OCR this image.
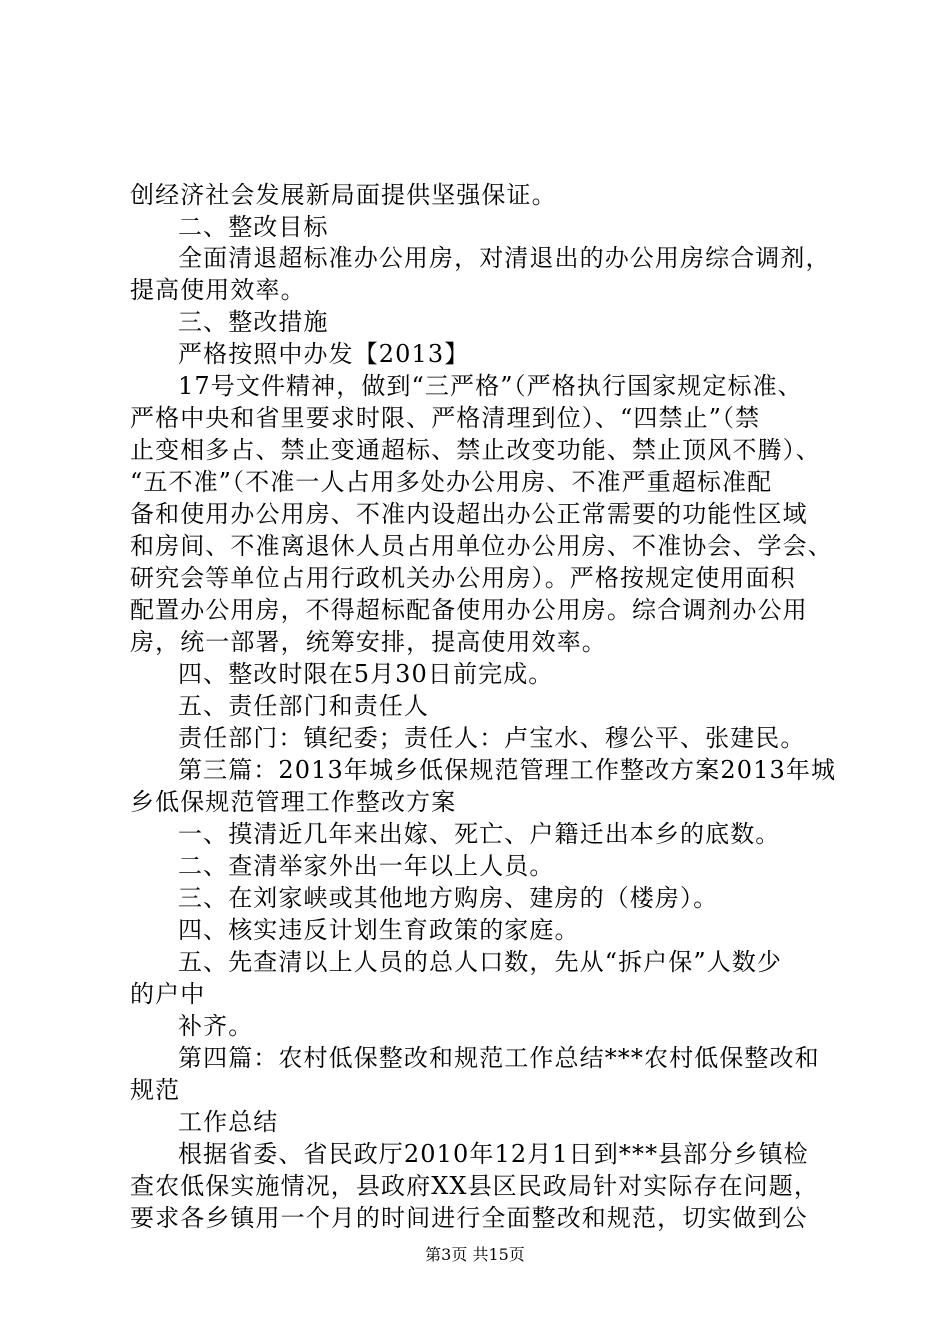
创经济社会发展新局面提供坚强保证。
二、整改目标
全面清退超标准办公用房，对清退出的办公用房综合调剂，
提高使用效率。
三、整改措施
严格按照中办发【2013】
17号文件精神，做到“三严格”（严格执行国家规定标准、
严格中央和省里要求时限、严格清理到位）、“四禁止”（禁
止变相多占、禁止变通超标、禁止改变功能、禁止顶风不腾）、
“五不准”（不准一人占用多处办公用房、不准严重超标准配
备和使用办公用房、不准内设超出办公正常需要的功能性区域
和房间、不准离退休人员占用单位办公用房、不准协会、学会、
研究会等单位占用行政机关办公用房）。严格按规定使用面积
配置办公用房，不得超标配备使用办公用房。综合调剂办公用
房，统一部署，统筹安排，提高使用效率。
四、整改时限在5月30日前完成。
五、责任部门和责任人
责任部门：镇纪委；责任人：卢宝水、穆公平、张建民。
第三篇：2013年城乡低保规范管理工作整改方案2013年城
乡低保规范管理工作整改方案
一、摸清近几年来出嫁、死亡、户籍迁出本乡的底数。
二、查清举家外出一年以上人员。
三、在刘家峡或其他地方购房、建房的（楼房）。
四、核实违反计划生育政策的家庭。
五、先查清以上人员的总人口数，先从“拆户保”人数少
的户中
补齐。
第四篇：农村低保整改和规范工作总结***农村低保整改和
规范
工作总结
根据省委、省民政厅2010年12月1日到***县部分乡镇检
查农低保实施情况，县政府XX县区民政局针对实际存在问题，
要求各乡镇用一个月的时间进行全面整改和规范，切实做到公
第3页 共15页
